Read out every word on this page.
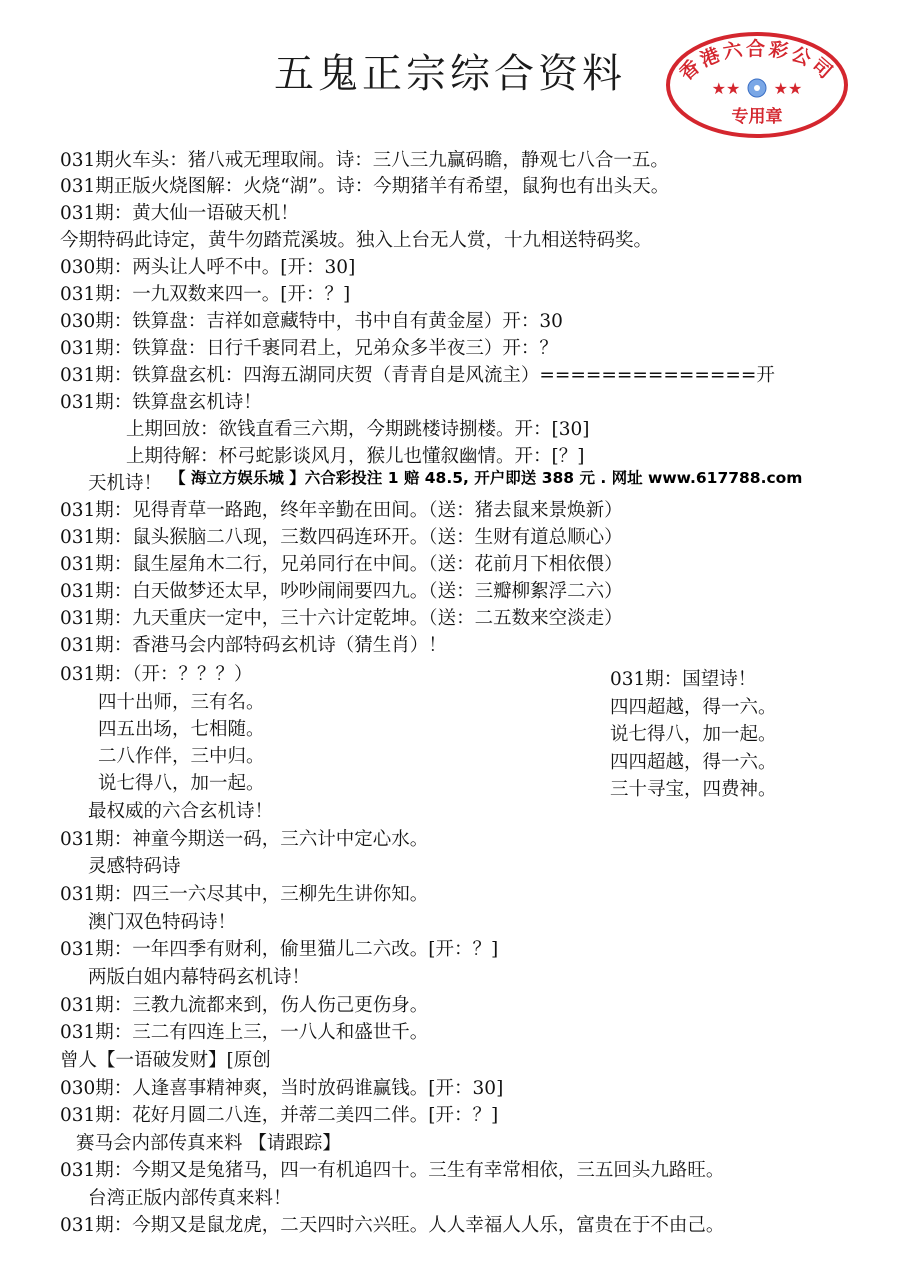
五鬼正宗综合资料	香港六合彩公司
★★ ★★
专用章
031期火车头：猪八戒无理取闹。诗：三八三九赢码瞻，静观七八合一五。
031期正版火烧图解：火烧“湖”。诗：今期猪羊有希望，鼠狗也有出头天。
031期：黄大仙一语破天机！
今期特码此诗定，黄牛勿踏荒溪坡。独入上台无人赏，十九相送特码奖。
030期：两头让人呼不中。[开：30]
031期：一九双数来四一。[开：？]
030期：铁算盘：吉祥如意藏特中，书中自有黄金屋）开：30
031期：铁算盘：日行千裹同君上，兄弟众多半夜三）开：？
031期：铁算盘玄机：四海五湖同庆贺（青青自是风流主）==============开
031期：铁算盘玄机诗！
上期回放：欲钱直看三六期，今期跳楼诗捌楼。开：[30]
上期待解：杯弓蛇影谈风月，猴儿也懂叙幽情。开：[？]
天机诗！ 【 海立方娱乐城 】六合彩投注 1 赔 48.5, 开户即送 388 元 . 网址 www.617788.com
031期：见得青草一路跑，终年辛勤在田间。（送：猪去鼠来景焕新）
031期：鼠头猴脑二八现，三数四码连环开。（送：生财有道总顺心）
031期：鼠生屋角木二行，兄弟同行在中间。（送：花前月下相依偎）
031期：白天做梦还太早，吵吵闹闹要四九。（送：三瓣柳絮浮二六）
031期：九天重庆一定中，三十六计定乾坤。（送：二五数来空淡走）
031期：香港马会内部特码玄机诗（猜生肖）！
031期：（开：？？？）
四十出师，三有名。
四五出场，七相随。
二八作伴，三中归。
说七得八，加一起。
最权威的六合玄机诗！
031期：神童今期送一码，三六计中定心水。
灵感特码诗
031期：四三一六尽其中，三柳先生讲你知。
澳门双色特码诗！
031期：一年四季有财利，偷里猫儿二六改。[开：？]
两版白姐内幕特码玄机诗！
031期：三教九流都来到，伤人伤己更伤身。
031期：三二有四连上三，一八人和盛世千。
曾人【一语破发财】[原创
030期：人逢喜事精神爽，当时放码谁赢钱。[开：30]
031期：花好月圆二八连，并蒂二美四二伴。[开：？]
赛马会内部传真来料 【请跟踪】
031期：今期又是兔猪马，四一有机追四十。三生有幸常相依，三五回头九路旺。
台湾正版内部传真来料！
031期：今期又是鼠龙虎，二天四时六兴旺。人人幸福人人乐，富贵在于不由己。
031期：国望诗！
四四超越，得一六。
说七得八，加一起。
四四超越，得一六。
三十寻宝，四费神。
